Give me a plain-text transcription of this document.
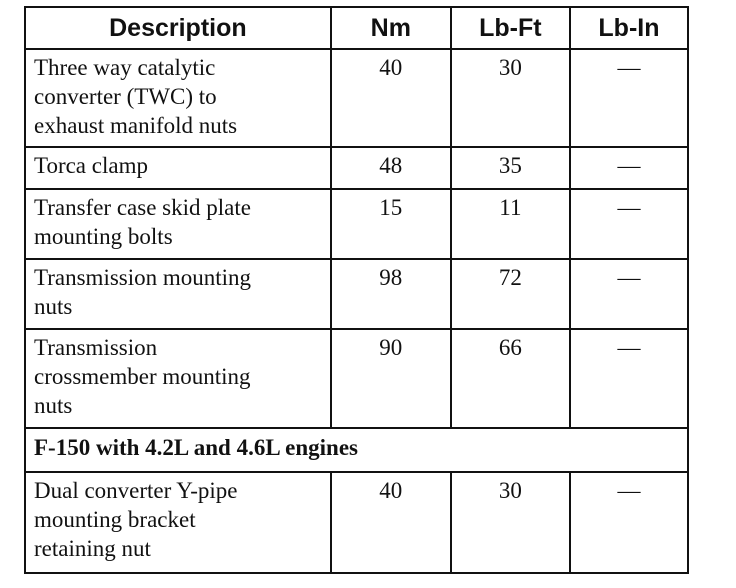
Description	Nm	Lb-Ft	Lb-In
Three way catalytic
converter (TWC) to
exhaust manifold nuts	40	30	—
Torca clamp	48	35	—
Transfer case skid plate
mounting bolts	15	11	—
Transmission mounting
nuts	98	72	—
Transmission
crossmember mounting
nuts	90	66	—
F-150 with 4.2L and 4.6L engines			
Dual converter Y-pipe
mounting bracket
retaining nut	40	30	—
